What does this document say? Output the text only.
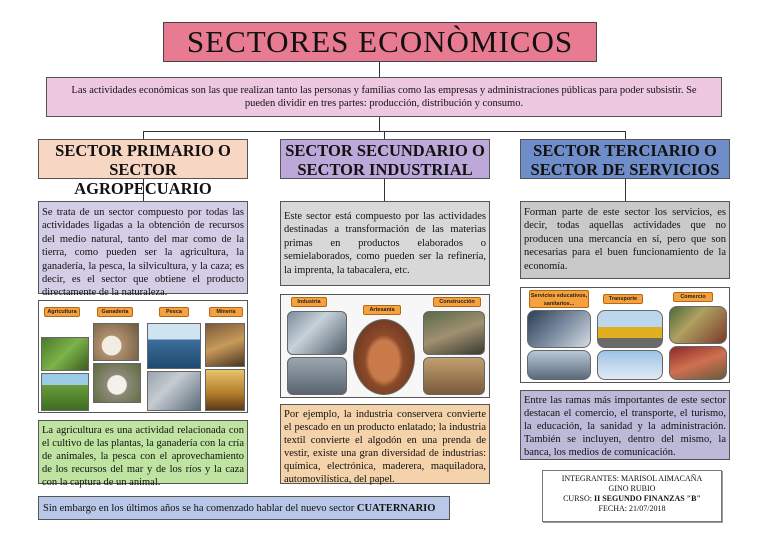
SECTORES ECONÒMICOS
Las actividades económicas son las que realizan tanto las personas y familias como las empresas y administraciones públicas para poder subsistir. Se pueden dividir en tres partes: producción, distribución y consumo.
SECTOR PRIMARIO O SECTOR AGROPECUARIO
SECTOR SECUNDARIO O SECTOR INDUSTRIAL
SECTOR TERCIARIO O SECTOR DE SERVICIOS
Se trata de un sector compuesto por todas las actividades ligadas a la obtención de recursos del medio natural, tanto del mar como de la tierra, como pueden ser la agricultura, la ganadería, la pesca, la silvicultura, y la caza; es decir, es el sector que obtiene el producto directamente de la naturaleza.
Este sector está compuesto por las actividades destinadas a transformación de las materias primas en productos elaborados o semielaborados, como pueden ser la refinería, la imprenta, la tabacalera, etc.
Forman parte de este sector los servicios, es decir, todas aquellas actividades que no producen una mercancía en sí, pero que son necesarias para el buen funcionamiento de la economía.
Agricultura	Ganadería	Pesca	Minería
Industria
Artesanía
Construcción
Servicios educativos, sanitarios...
Transporte	Comercio
La agricultura es una actividad relacionada con el cultivo de las plantas, la ganadería con la cría de animales, la pesca con el aprovechamiento de los recursos del mar y de los ríos y la caza con la captura de un animal.
Por ejemplo, la industria conservera convierte el pescado en un producto enlatado; la industria textil convierte el algodón en una prenda de vestir, existe una gran diversidad de industrias: química, electrónica, maderera, maquiladora, automovilística, del papel.
Entre las ramas más importantes de este sector destacan el comercio, el transporte, el turismo, la educación, la sanidad y la administración. También se incluyen, dentro del mismo, la banca, los medios de comunicación.
Sin embargo en los últimos años se ha comenzado hablar del nuevo sector CUATERNARIO
INTEGRANTES: MARISOL AIMACAÑA
GINO RUBIO
CURSO: II SEGUNDO FINANZAS "B"
FECHA: 21/07/2018
